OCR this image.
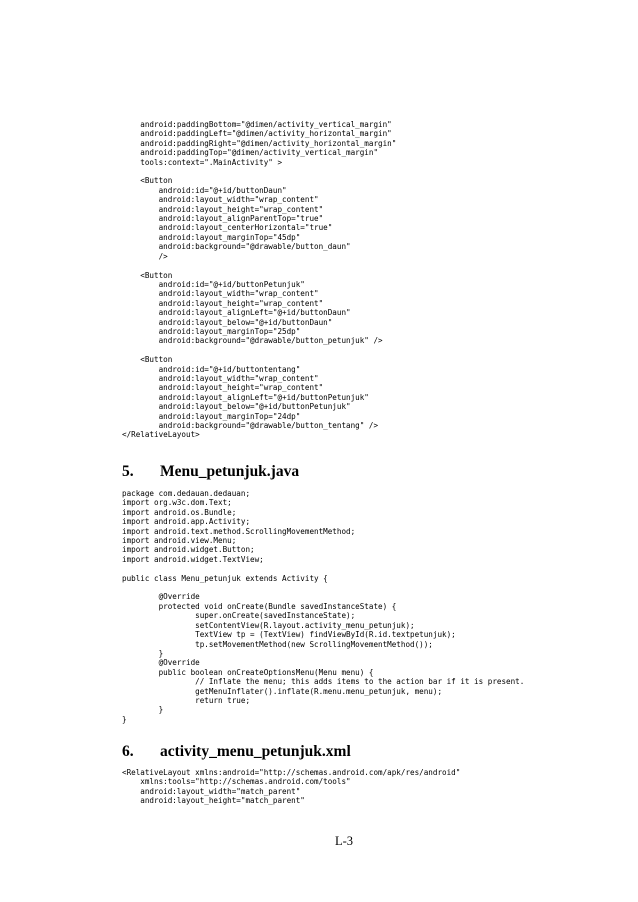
android:paddingBottom="@dimen/activity_vertical_margin"
android:paddingLeft="@dimen/activity_horizontal_margin"
android:paddingRight="@dimen/activity_horizontal_margin"
android:paddingTop="@dimen/activity_vertical_margin"
tools:context=".MainActivity" >

<Button
android:id="@+id/buttonDaun"
android:layout_width="wrap_content"
android:layout_height="wrap_content"
android:layout_alignParentTop="true"
android:layout_centerHorizontal="true"
android:layout_marginTop="45dp"
android:background="@drawable/button_daun"
/>

<Button
android:id="@+id/buttonPetunjuk"
android:layout_width="wrap_content"
android:layout_height="wrap_content"
android:layout_alignLeft="@+id/buttonDaun"
android:layout_below="@+id/buttonDaun"
android:layout_marginTop="25dp"
android:background="@drawable/button_petunjuk" />

<Button
android:id="@+id/buttontentang"
android:layout_width="wrap_content"
android:layout_height="wrap_content"
android:layout_alignLeft="@+id/buttonPetunjuk"
android:layout_below="@+id/buttonPetunjuk"
android:layout_marginTop="24dp"
android:background="@drawable/button_tentang" />
</RelativeLayout>
5. Menu_petunjuk.java
package com.dedauan.dedauan;
import org.w3c.dom.Text;
import android.os.Bundle;
import android.app.Activity;
import android.text.method.ScrollingMovementMethod;
import android.view.Menu;
import android.widget.Button;
import android.widget.TextView;

public class Menu_petunjuk extends Activity {

@Override
protected void onCreate(Bundle savedInstanceState) {
super.onCreate(savedInstanceState);
setContentView(R.layout.activity_menu_petunjuk);
TextView tp = (TextView) findViewById(R.id.textpetunjuk);
tp.setMovementMethod(new ScrollingMovementMethod());
}
@Override
public boolean onCreateOptionsMenu(Menu menu) {
// Inflate the menu; this adds items to the action bar if it is present.
getMenuInflater().inflate(R.menu.menu_petunjuk, menu);
return true;
}
}
6. activity_menu_petunjuk.xml
<RelativeLayout xmlns:android="http://schemas.android.com/apk/res/android"
xmlns:tools="http://schemas.android.com/tools"
android:layout_width="match_parent"
android:layout_height="match_parent"
L-3
